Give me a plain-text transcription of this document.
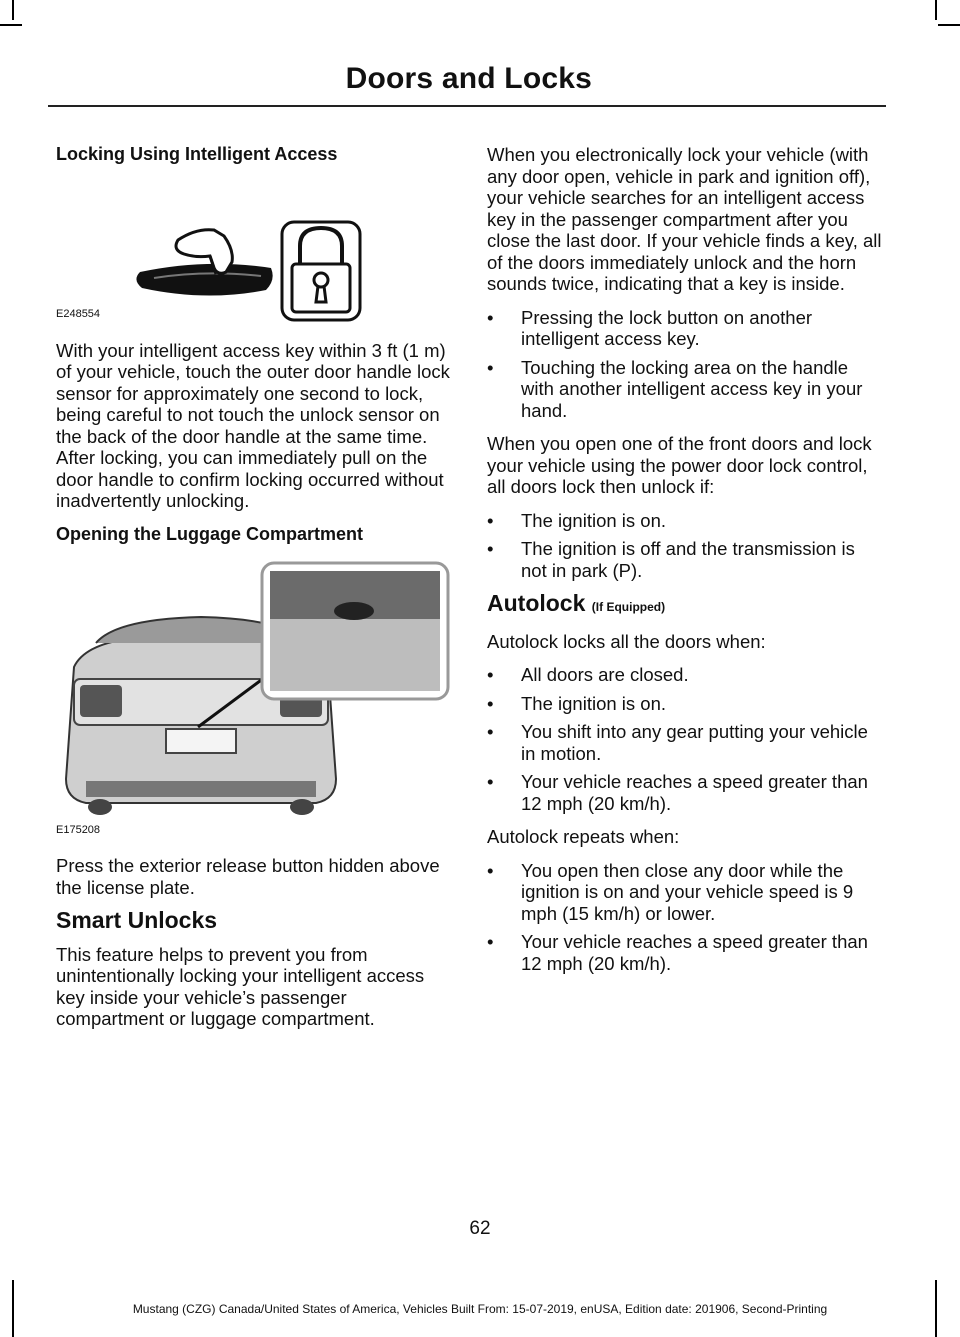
Doors and Locks
Locking Using Intelligent Access
E248554

With your intelligent access key within 3 ft (1 m) of your vehicle, touch the outer door handle lock sensor for approximately one second to lock, being careful to not touch the unlock sensor on the back of the door handle at the same time. After locking, you can immediately pull on the door handle to confirm locking occurred without inadvertently unlocking.

Opening the Luggage Compartment
E175208

Press the exterior release button hidden above the license plate.

Smart Unlocks

This feature helps to prevent you from unintentionally locking your intelligent access key inside your vehicle’s passenger compartment or luggage compartment.

When you electronically lock your vehicle (with any door open, vehicle in park and ignition off), your vehicle searches for an intelligent access key in the passenger compartment after you close the last door. If your vehicle finds a key, all of the doors immediately unlock and the horn sounds twice, indicating that a key is inside.

• Pressing the lock button on another intelligent access key.
• Touching the locking area on the handle with another intelligent access key in your hand.

When you open one of the front doors and lock your vehicle using the power door lock control, all doors lock then unlock if:

• The ignition is on.
• The ignition is off and the transmission is not in park (P).
Autolock (If Equipped)

Autolock locks all the doors when:

• All doors are closed.
• The ignition is on.
• You shift into any gear putting your vehicle in motion.
• Your vehicle reaches a speed greater than 12 mph (20 km/h).

Autolock repeats when:

• You open then close any door while the ignition is on and your vehicle speed is 9 mph (15 km/h) or lower.
• Your vehicle reaches a speed greater than 12 mph (20 km/h).
62
Mustang (CZG) Canada/United States of America, Vehicles Built From: 15-07-2019, enUSA, Edition date: 201906, Second-Printing
